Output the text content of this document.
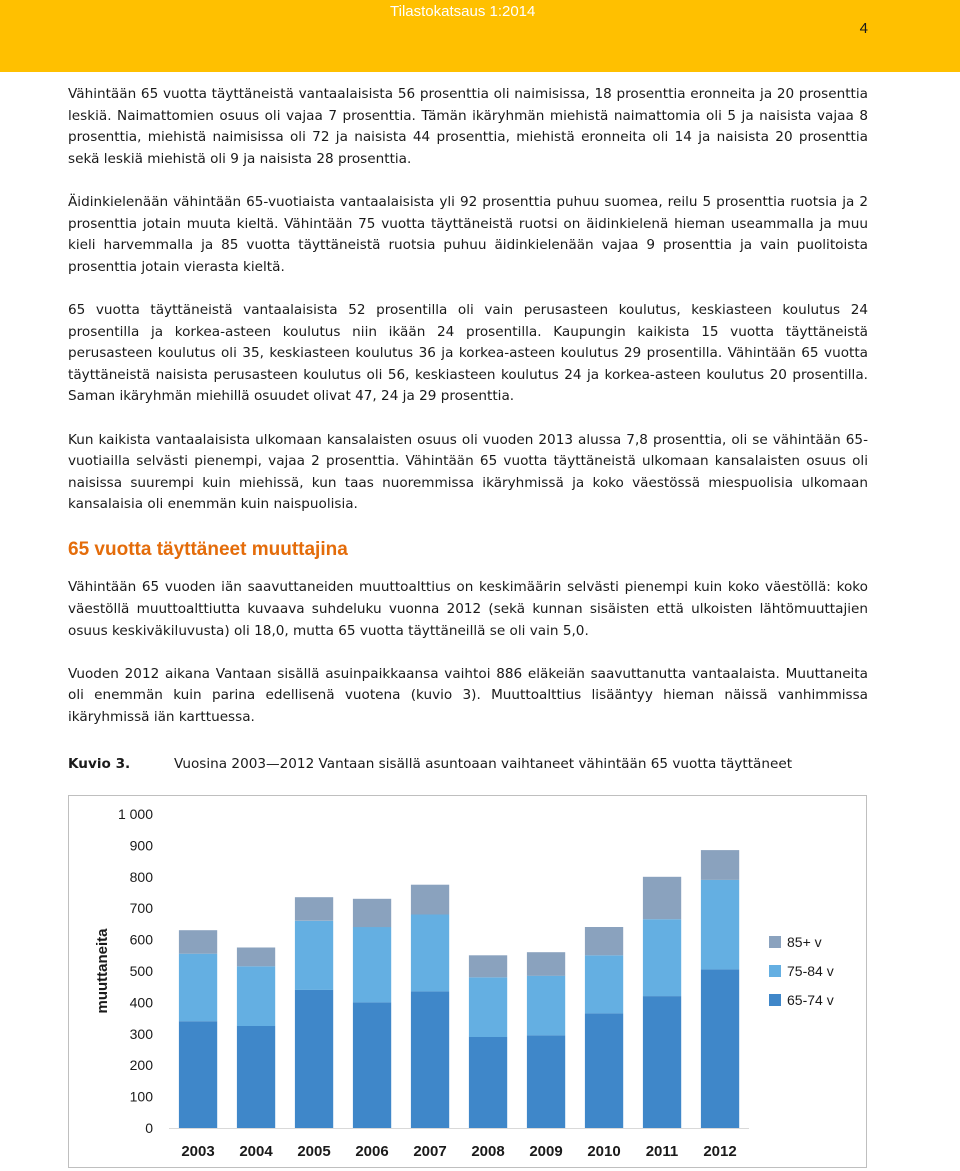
Tilastokatsaus 1:2014
4

Vähintään 65 vuotta täyttäneistä vantaalaisista 56 prosenttia oli naimisissa, 18 prosenttia eronneita ja 20 prosenttia leskiä. Naimattomien osuus oli vajaa 7 prosenttia. Tämän ikäryhmän miehistä naimattomia oli 5 ja naisista vajaa 8 prosenttia, miehistä naimisissa oli 72 ja naisista 44 prosenttia, miehistä eronneita oli 14 ja naisista 20 prosenttia sekä leskiä miehistä oli 9 ja naisista 28 prosenttia.

Äidinkielenään vähintään 65-vuotiaista vantaalaisista yli 92 prosenttia puhuu suomea, reilu 5 prosenttia ruotsia ja 2 prosenttia jotain muuta kieltä. Vähintään 75 vuotta täyttäneistä ruotsi on äidinkielenä hieman useammalla ja muu kieli harvemmalla ja 85 vuotta täyttäneistä ruotsia puhuu äidinkielenään vajaa 9 prosenttia ja vain puolitoista prosenttia jotain vierasta kieltä.

65 vuotta täyttäneistä vantaalaisista 52 prosentilla oli vain perusasteen koulutus, keskiasteen koulutus 24 prosentilla ja korkea-asteen koulutus niin ikään 24 prosentilla. Kaupungin kaikista 15 vuotta täyttäneistä perusasteen koulutus oli 35, keskiasteen koulutus 36 ja korkea-asteen koulutus 29 prosentilla. Vähintään 65 vuotta täyttäneistä naisista perusasteen koulutus oli 56, keskiasteen koulutus 24 ja korkea-asteen koulutus 20 prosentilla. Saman ikäryhmän miehillä osuudet olivat 47, 24 ja 29 prosenttia.

Kun kaikista vantaalaisista ulkomaan kansalaisten osuus oli vuoden 2013 alussa 7,8 prosenttia, oli se vähintään 65-vuotiailla selvästi pienempi, vajaa 2 prosenttia. Vähintään 65 vuotta täyttäneistä ulkomaan kansalaisten osuus oli naisissa suurempi kuin miehissä, kun taas nuoremmissa ikäryhmissä ja koko väestössä miespuolisia ulkomaan kansalaisia oli enemmän kuin naispuolisia.

65 vuotta täyttäneet muuttajina

Vähintään 65 vuoden iän saavuttaneiden muuttoalttius on keskimäärin selvästi pienempi kuin koko väestöllä: koko väestöllä muuttoalttiutta kuvaava suhdeluku vuonna 2012 (sekä kunnan sisäisten että ulkoisten lähtömuuttajien osuus keskiväkiluvusta) oli 18,0, mutta 65 vuotta täyttäneillä se oli vain 5,0.

Vuoden 2012 aikana Vantaan sisällä asuinpaikkaansa vaihtoi 886 eläkeiän saavuttanutta vantaalaista. Muuttaneita oli enemmän kuin parina edellisenä vuotena (kuvio 3). Muuttoalttius lisääntyy hieman näissä vanhimmissa ikäryhmissä iän karttuessa.

Kuvio 3.	Vuosina 2003—2012 Vantaan sisällä asuntoaan vaihtaneet vähintään 65 vuotta täyttäneet
muuttaneita
0
100
200
300
400
500
600
700
800
900
1 000
2003 2004 2005 2006 2007 2008 2009 2010 2011 2012
85+ v
75-84 v
65-74 v
